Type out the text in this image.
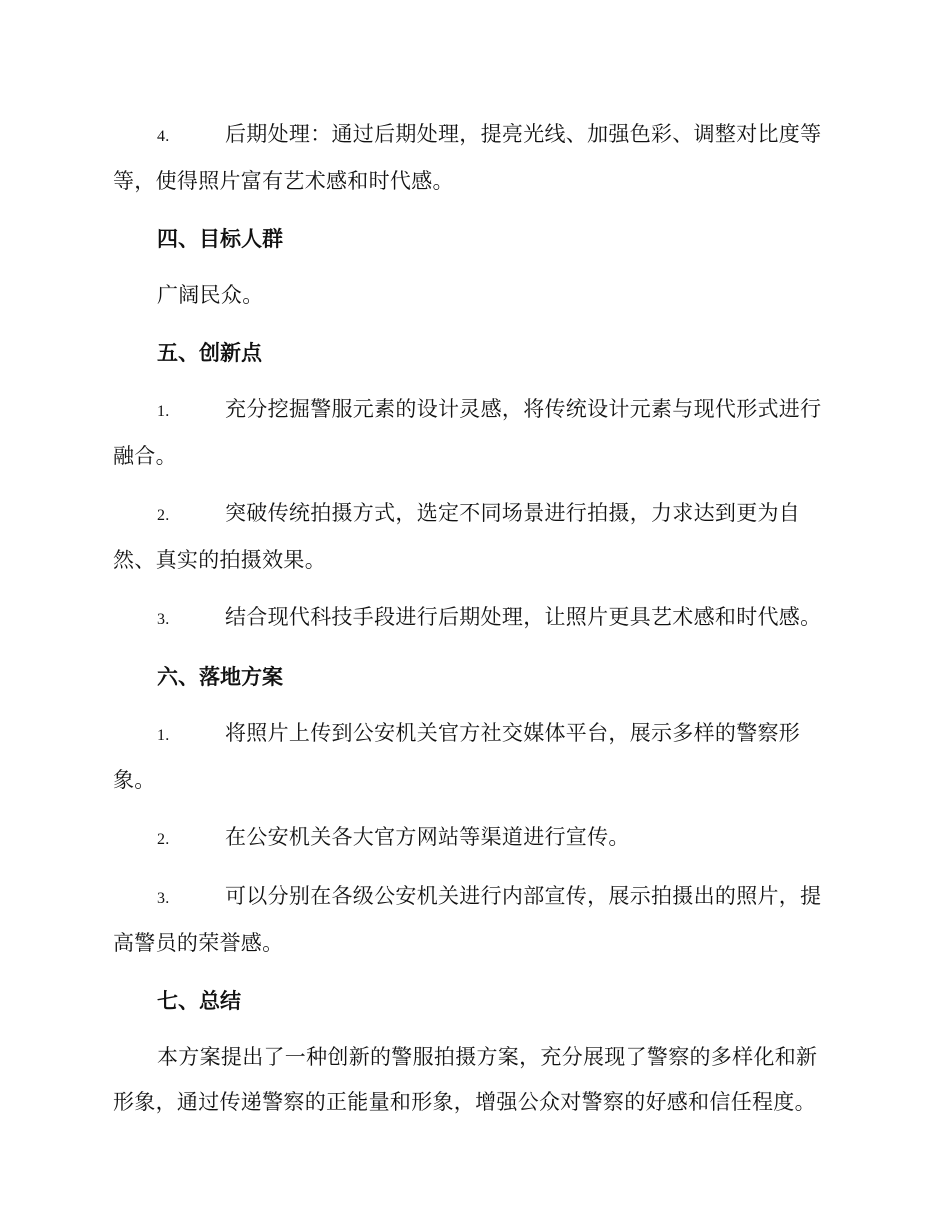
4.	后期处理：通过后期处理，提亮光线、加强色彩、调整对比度等等，使得照片富有艺术感和时代感。

四、目标人群

广阔民众。

五、创新点

1.	充分挖掘警服元素的设计灵感，将传统设计元素与现代形式进行融合。

2.	突破传统拍摄方式，选定不同场景进行拍摄，力求达到更为自然、真实的拍摄效果。

3.	结合现代科技手段进行后期处理，让照片更具艺术感和时代感。

六、落地方案

1.	将照片上传到公安机关官方社交媒体平台，展示多样的警察形象。

2.	在公安机关各大官方网站等渠道进行宣传。

3.	可以分别在各级公安机关进行内部宣传，展示拍摄出的照片，提高警员的荣誉感。

七、总结

本方案提出了一种创新的警服拍摄方案，充分展现了警察的多样化和新形象，通过传递警察的正能量和形象，增强公众对警察的好感和信任程度。
